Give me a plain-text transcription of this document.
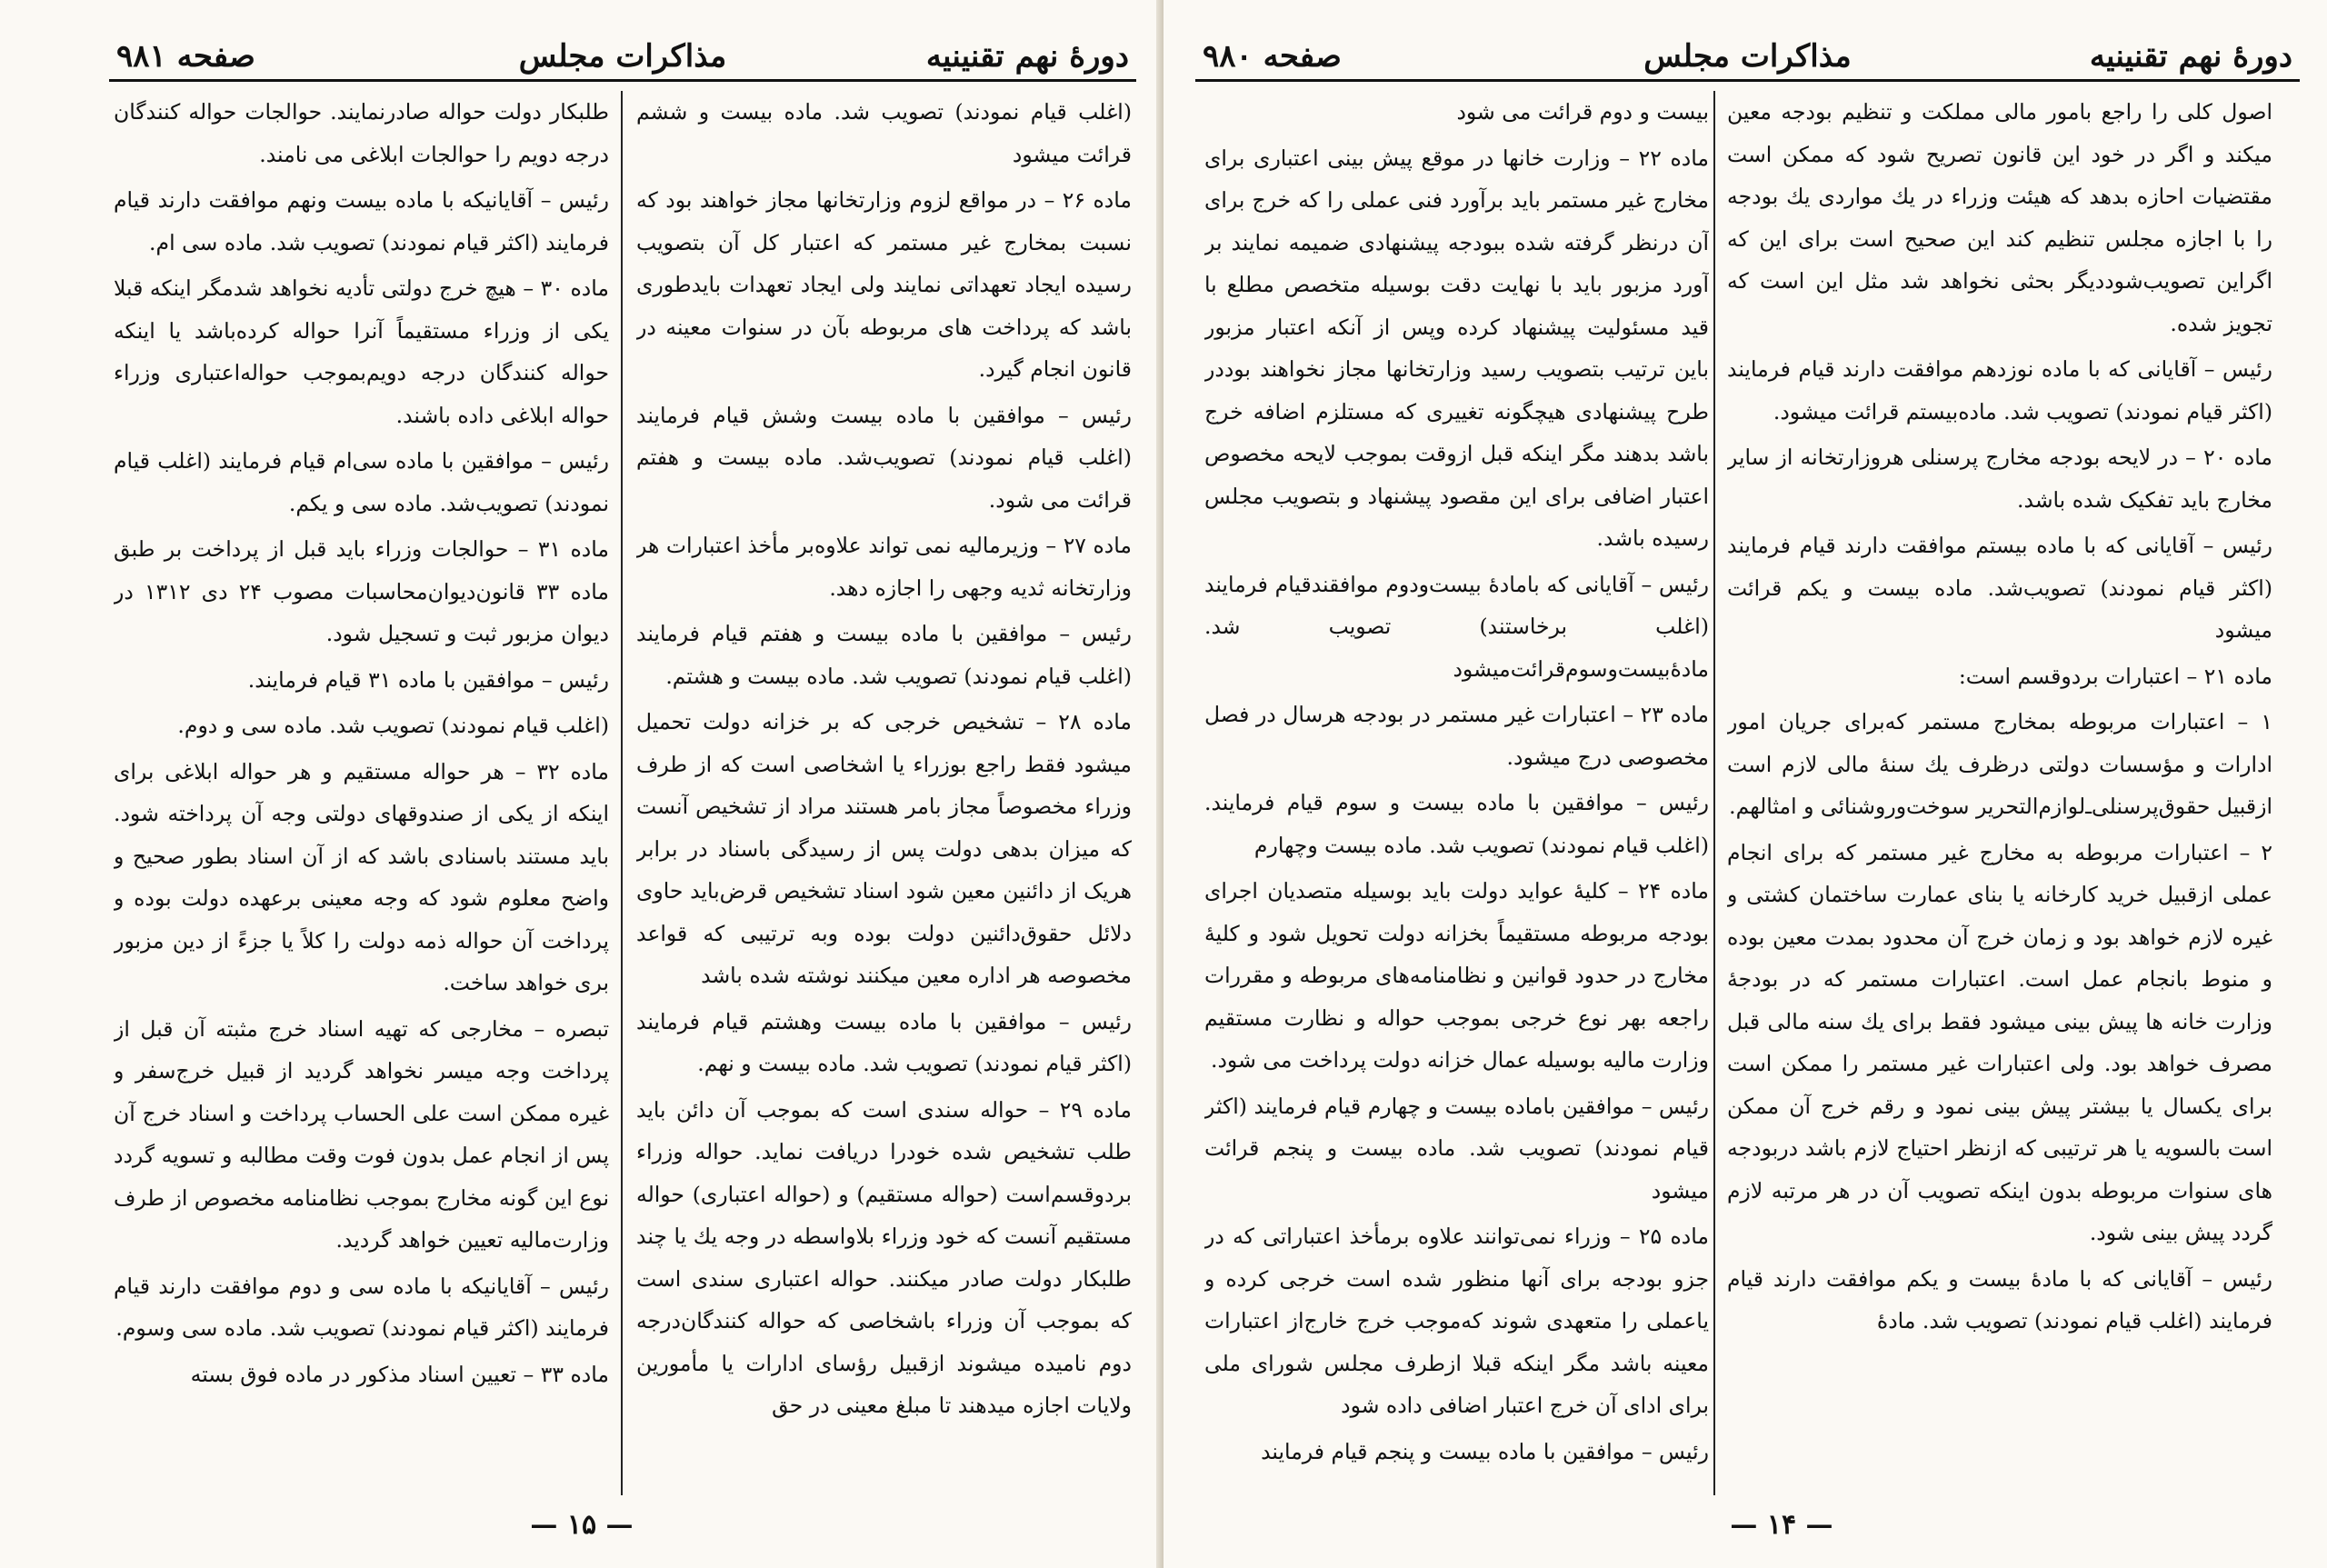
دورهٔ نهم تقنینیه
مذاکرات مجلس
صفحه ۹۸۱

(اغلب قیام نمودند) تصویب شد. ماده بیست و ششم قرائت میشود

ماده ۲۶ – در مواقع لزوم وزارتخانها مجاز خواهند بود که نسبت بمخارج غیر مستمر که اعتبار کل آن بتصویب رسیده ایجاد تعهداتی نمایند ولی ایجاد تعهدات بایدطوری باشد که پرداخت های مربوطه بآن در سنوات معینه در قانون انجام گیرد.

رئیس – موافقین با ماده بیست وشش قیام فرمایند (اغلب قیام نمودند) تصویب‌شد. ماده بیست و هفتم قرائت می شود.

ماده ۲۷ – وزیرمالیه نمی تواند علاوه‌بر مأخذ اعتبارات هر وزارتخانه ثدیه وجهی را اجازه دهد.

رئیس – موافقین با ماده بیست و هفتم قیام فرمایند (اغلب قیام نمودند) تصویب شد. ماده بیست و هشتم.

ماده ۲۸ – تشخیص خرجی که بر خزانه دولت تحمیل میشود فقط راجع بوزراء یا اشخاصی است که از طرف وزراء مخصوصاً مجاز بامر هستند مراد از تشخیص آنست که میزان بدهی دولت پس از رسیدگی باسناد در برابر هریک از دائنین معین شود اسناد تشخیص قرض‌باید حاوی دلائل حقوق‌دائنین دولت بوده وبه ترتیبی که قواعد مخصوصه هر اداره معین میکنند نوشته شده باشد

رئیس – موافقین با ماده بیست وهشتم قیام فرمایند (اکثر قیام نمودند) تصویب شد. ماده بیست و نهم.

ماده ۲۹ – حواله سندی است که بموجب آن دائن باید طلب تشخیص شده خودرا دریافت نماید. حواله وزراء بردوقسم‌است (حواله مستقیم) و (حواله اعتباری) حواله مستقیم آنست که خود وزراء بلاواسطه در وجه یك یا چند طلبکار دولت صادر میکنند. حواله اعتباری سندی است که بموجب آن وزراء باشخاصی که حواله کنندگان‌درجه دوم نامیده میشوند ازقبیل رؤسای ادارات یا مأمورین ولایات اجازه میدهند تا مبلغ معینی در حق

طلبکار دولت حواله صادرنمایند. حوالجات حواله کنندگان درجه دویم را حوالجات ابلاغی می نامند.

رئیس – آقایانیکه با ماده بیست ونهم موافقت دارند قیام فرمایند (اکثر قیام نمودند) تصویب شد. ماده سی ام.

ماده ۳۰ – هیچ خرج دولتی تأدیه نخواهد شدمگر اینکه قبلا یکی از وزراء مستقیماً آنرا حواله کرده‌باشد یا اینکه حواله کنندگان درجه دویم‌بموجب حواله‌اعتباری وزراء حواله ابلاغی داده باشند.

رئیس – موافقین با ماده سی‌ام قیام فرمایند (اغلب قیام نمودند) تصویب‌شد. ماده سی و یکم.

ماده ۳۱ – حوالجات وزراء باید قبل از پرداخت بر طبق ماده ۳۳ قانون‌دیوان‌محاسبات مصوب ۲۴ دی ۱۳۱۲ در دیوان مزبور ثبت و تسجیل شود.

رئیس – موافقین با ماده ۳۱ قیام فرمایند.

(اغلب قیام نمودند) تصویب شد. ماده سی و دوم.

ماده ۳۲ – هر حواله مستقیم و هر حواله ابلاغی برای اینکه از یکی از صندوقهای دولتی وجه آن پرداخته شود. باید مستند باسنادی باشد که از آن اسناد بطور صحیح و واضح معلوم شود که وجه معینی برعهده دولت بوده و پرداخت آن حواله ذمه دولت را کلاً یا جزءً از دین مزبور بری خواهد ساخت.

تبصره – مخارجی که تهیه اسناد خرج مثبته آن قبل از پرداخت وجه میسر نخواهد گردید از قبیل خرج‌سفر و غیره ممکن است علی الحساب پرداخت و اسناد خرج آن پس از انجام عمل بدون فوت وقت مطالبه و تسویه گردد نوع این گونه مخارج بموجب نظامنامه مخصوص از طرف وزارت‌مالیه تعیین خواهد گردید.

رئیس – آقایانیکه با ماده سی و دوم موافقت دارند قیام فرمایند (اکثر قیام نمودند) تصویب شد. ماده سی وسوم.

ماده ۳۳ – تعیین اسناد مذکور در ماده فوق بسته

— ۱۵ —
دورهٔ نهم تقنینیه
مذاکرات مجلس
صفحه ۹۸۰

اصول کلی را راجع بامور مالی مملکت و تنظیم بودجه معین میکند و اگر در خود این قانون تصریح شود که ممکن است مقتضیات احازه بدهد که هیئت وزراء در یك موارد‌ی یك بودجه را با اجازه مجلس تنظیم کند این صحیح است برای این که اگراین تصویب‌شود‌دیگر بحثی نخواهد شد مثل این است که تجویز شده.

رئیس – آقایانی که با ماده نوزدهم موافقت دارند قیام فرمایند (اکثر قیام نمودند) تصویب شد. ماده‌بیستم قرائت میشود.

ماده ۲۰ – در لایحه بودجه مخارج پرسنلی هروزارتخانه از سایر مخارج باید تفکیک شده باشد.

رئیس – آقایانی که با ماده بیستم موافقت دارند قیام فرمایند (اکثر قیام نمودند) تصویب‌شد. ماده بیست و یکم قرائت میشود

ماده ۲۱ – اعتبارات بردوقسم است:

۱ – اعتبارات مربوطه بمخارج مستمر که‌برای جریان امور ادارات و مؤسسات دولتی درظرف یك سنهٔ مالی لازم است ازقبیل حقوق‌پرسنلی‌ـ‌لوازم‌التحریر سوخت‌وروشنائی و امثالهم.

۲ – اعتبارات مربوطه به مخارج غیر مستمر که برای انجام عملی ازقبیل خرید کارخانه یا بنای عمارت ساختمان کشتی و غیره لازم خواهد بود و زمان خرج آن محدود بمدت معین بوده و منوط بانجام عمل است. اعتبارات مستمر که در بودجهٔ وزارت خانه ها پیش بینی میشود فقط برای یك سنه مالی قبل مصرف خواهد بود. ولی اعتبارات غیر مستمر را ممکن است برای یکسال یا بیشتر پیش بینی نمود و رقم خرج آن ممکن است بالسویه یا هر ترتیبی که ازنظر احتیاج لازم باشد دربودجه های سنوات مربوطه بدون اینکه تصویب آن در هر مرتبه لازم گردد پیش بینی شود.

رئیس – آقایانی که با مادهٔ بیست و یکم موافقت دارند قیام فرمایند (اغلب قیام نمودند) تصویب شد. مادهٔ

بیست و دوم قرائت می شود

ماده ۲۲ – وزارت خانها در موقع پیش بینی اعتباری برای مخارج غیر مستمر باید برآورد فنی عملی را که خرج برای آن درنظر گرفته شده ببودجه پیشنهادی ضمیمه نمایند بر آورد مزبور باید با نهایت دقت بوسیله متخصص مطلع با قید مسئولیت پیشنهاد کرده وپس از آنکه اعتبار مزبور باین ترتیب بتصویب رسید وزارتخانها مجاز نخواهند بوددر طرح پیشنهادی هیچگونه تغییری که مستلزم اضافه خرج باشد بدهند مگر اینکه قبل ازوقت بموجب لایحه مخصوص اعتبار اضافی برای این مقصود پیشنهاد و بتصویب مجلس رسیده باشد.

رئیس – آقایانی که بامادهٔ بیست‌ودوم موافقندقیام فرمایند (اغلب برخاستند) تصویب شد. مادهٔ‌بیست‌وسوم‌قرائت‌میشود

ماده ۲۳ – اعتبارات غیر مستمر در بودجه هرسال در فصل مخصوصی درج میشود.

رئیس – موافقین با ماده بیست و سوم قیام فرمایند. (اغلب قیام نمودند) تصویب شد. ماده بیست وچهارم

ماده ۲۴ – کلیهٔ عواید دولت باید بوسیله متصدیان اجرای بودجه مربوطه مستقیماً بخزانه دولت تحویل شود و کلیهٔ مخارج در حدود قوانین و نظامنامه‌های مربوطه و مقررات راجعه بهر نوع خرجی بموجب حواله و نظارت مستقیم وزارت مالیه بوسیله عمال خزانه دولت پرداخت می شود.

رئیس – موافقین باماده بیست و چهارم قیام فرمایند (اکثر قیام نمودند) تصویب شد. ماده بیست و پنجم قرائت میشود

ماده ۲۵ – وزراء نمی‌توانند علاوه برمأخذ اعتباراتی که در جزو بودجه برای آنها منظور شده است خرجی کرده و یاعملی را متعهدی شوند که‌موجب خرج خارج‌از اعتبارات معینه باشد مگر اینکه قبلا ازطرف مجلس شورای ملی برای ادای آن خرج اعتبار اضافی داده شود

رئیس – موافقین با ماده بیست و پنجم قیام فرمایند

— ۱۴ —
